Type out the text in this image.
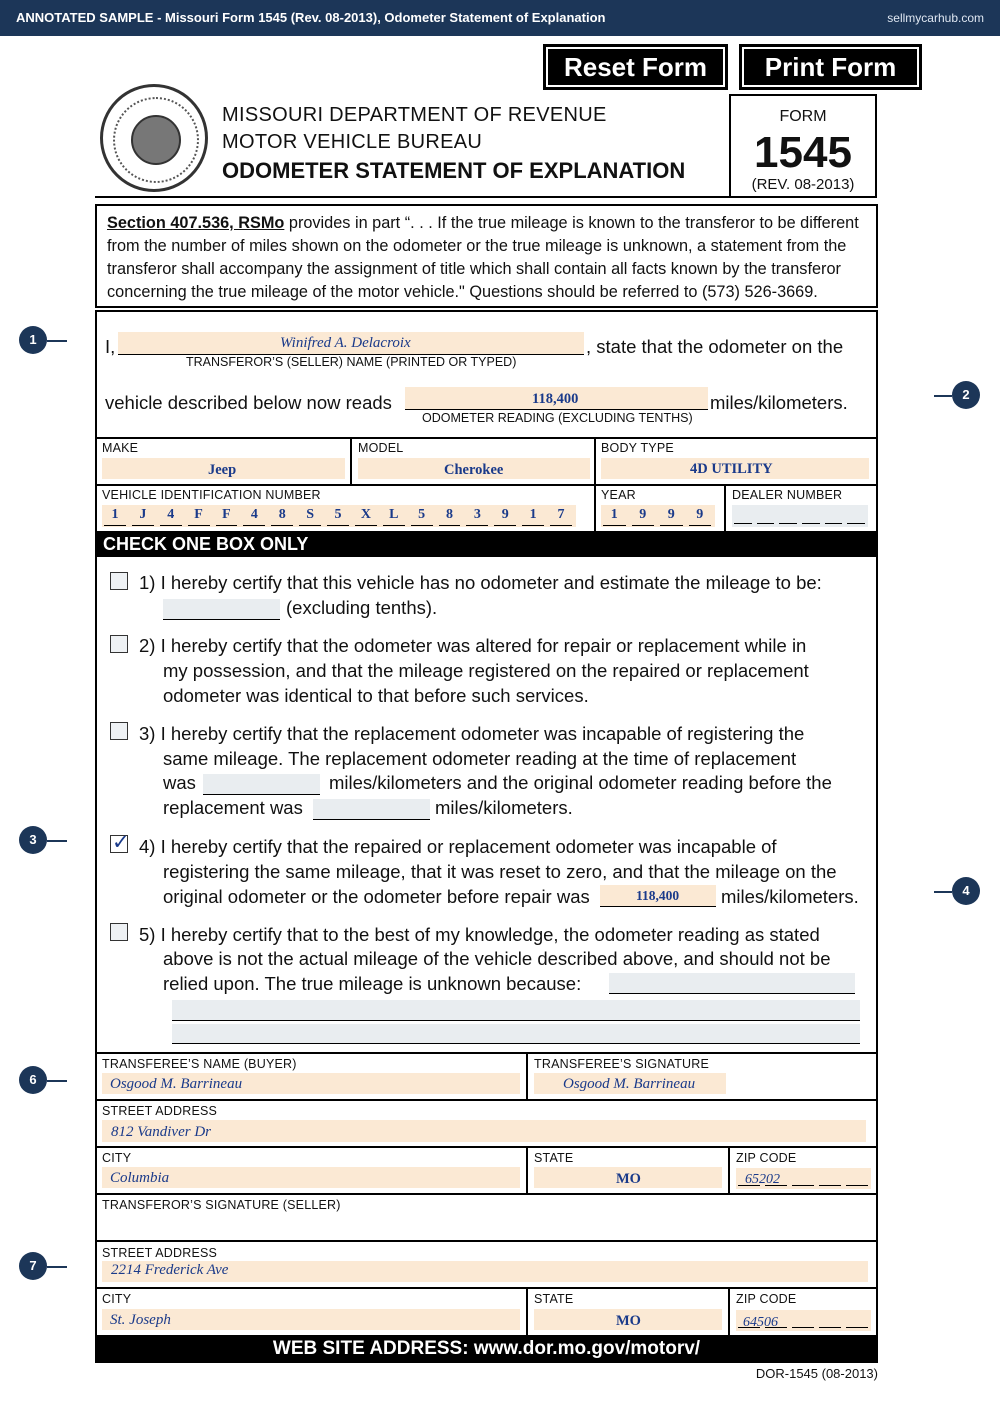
ANNOTATED SAMPLE - Missouri Form 1545 (Rev. 08-2013), Odometer Statement of Explanation	sellmycarhub.com
Reset Form	Print Form
MISSOURI DEPARTMENT OF REVENUE
MOTOR VEHICLE BUREAU
ODOMETER STATEMENT OF EXPLANATION
FORM
1545
(REV. 08-2013)
Section 407.536, RSMo provides in part “. . . If the true mileage is known to the transferor to be different from the number of miles shown on the odometer or the true mileage is unknown, a statement from the transferor shall accompany the assignment of title which shall contain all facts known by the transferor concerning the true mileage of the motor vehicle." Questions should be referred to (573) 526-3669.
I,	Winifred A. Delacroix
TRANSFEROR’S (SELLER) NAME (PRINTED OR TYPED)
, state that the odometer on the
vehicle described below now reads	118,400
ODOMETER READING (EXCLUDING TENTHS)
miles/kilometers.
MAKE
Jeep
MODEL
Cherokee
BODY TYPE
4D UTILITY
VEHICLE IDENTIFICATION NUMBER
1	J	4	F	F	4	8	S	5	X	L	5	8	3	9	1	7
YEAR
1	9	9	9
DEALER NUMBER
CHECK ONE BOX ONLY
1) I hereby certify that this vehicle has no odometer and estimate the mileage to be:
(excluding tenths).
2) I hereby certify that the odometer was altered for repair or replacement while in
my possession, and that the mileage registered on the repaired or replacement
odometer was identical to that before such services.
3) I hereby certify that the replacement odometer was incapable of registering the
same mileage. The replacement odometer reading at the time of replacement
was	miles/kilometers and the original odometer reading before the
replacement was	miles/kilometers.
✓ 4) I hereby certify that the repaired or replacement odometer was incapable of
registering the same mileage, that it was reset to zero, and that the mileage on the
original odometer or the odometer before repair was	118,400 miles/kilometers.
5) I hereby certify that to the best of my knowledge, the odometer reading as stated
above is not the actual mileage of the vehicle described above, and should not be
relied upon. The true mileage is unknown because:
TRANSFEREE’S NAME (BUYER)
Osgood M. Barrineau
TRANSFEREE’S SIGNATURE
Osgood M. Barrineau
STREET ADDRESS
812 Vandiver Dr
CITY
Columbia
STATE
MO
ZIP CODE
65202
TRANSFEROR’S SIGNATURE (SELLER)
STREET ADDRESS
2214 Frederick Ave
CITY
St. Joseph
STATE
MO
ZIP CODE
64506
WEB SITE ADDRESS: www.dor.mo.gov/motorv/
DOR-1545 (08-2013)
1
2
3
4
6
7
